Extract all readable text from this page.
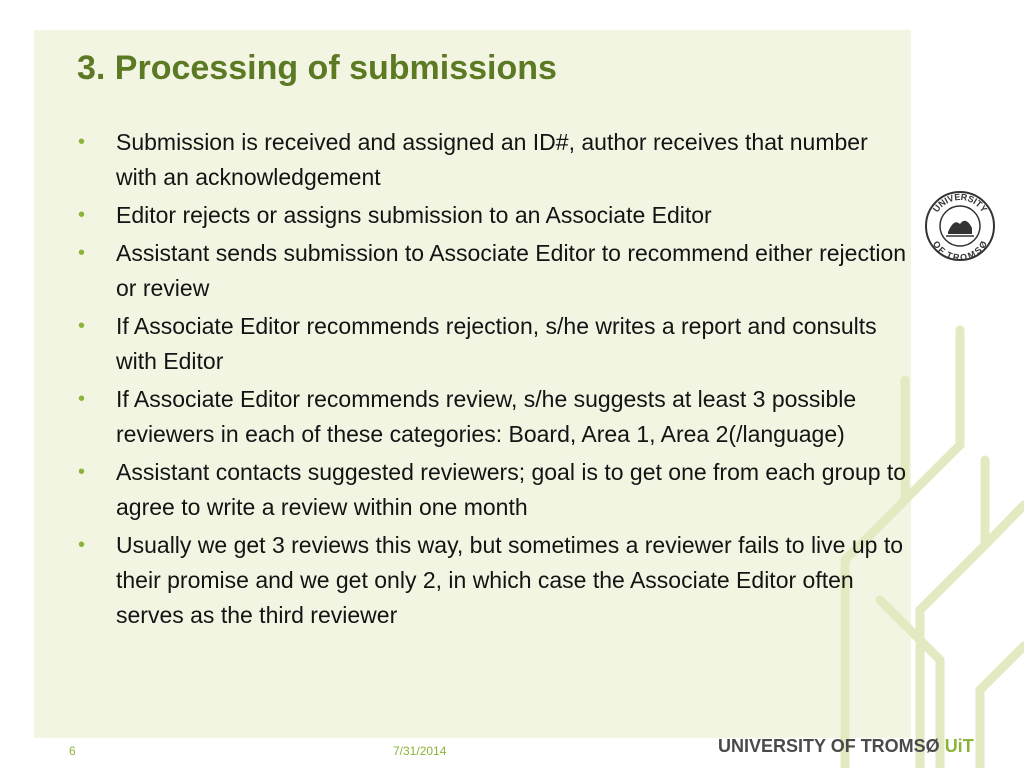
3. Processing of submissions
• Submission is received and assigned an ID#, author receives that number with an acknowledgement
• Editor rejects or assigns submission to an Associate Editor
• Assistant sends submission to Associate Editor to recommend either rejection or review
• If Associate Editor recommends rejection, s/he writes a report and consults with Editor
• If Associate Editor recommends review, s/he suggests at least 3 possible reviewers in each of these categories: Board, Area 1, Area 2(/language)
• Assistant contacts suggested reviewers; goal is to get one from each group to agree to write a review within one month
• Usually we get 3 reviews this way, but sometimes a reviewer fails to live up to their promise and we get only 2, in which case the Associate Editor often serves as the third reviewer
UNIVERSITY
OF TROMSØ
6	7/31/2014	UNIVERSITY OF TROMSØ UiT
